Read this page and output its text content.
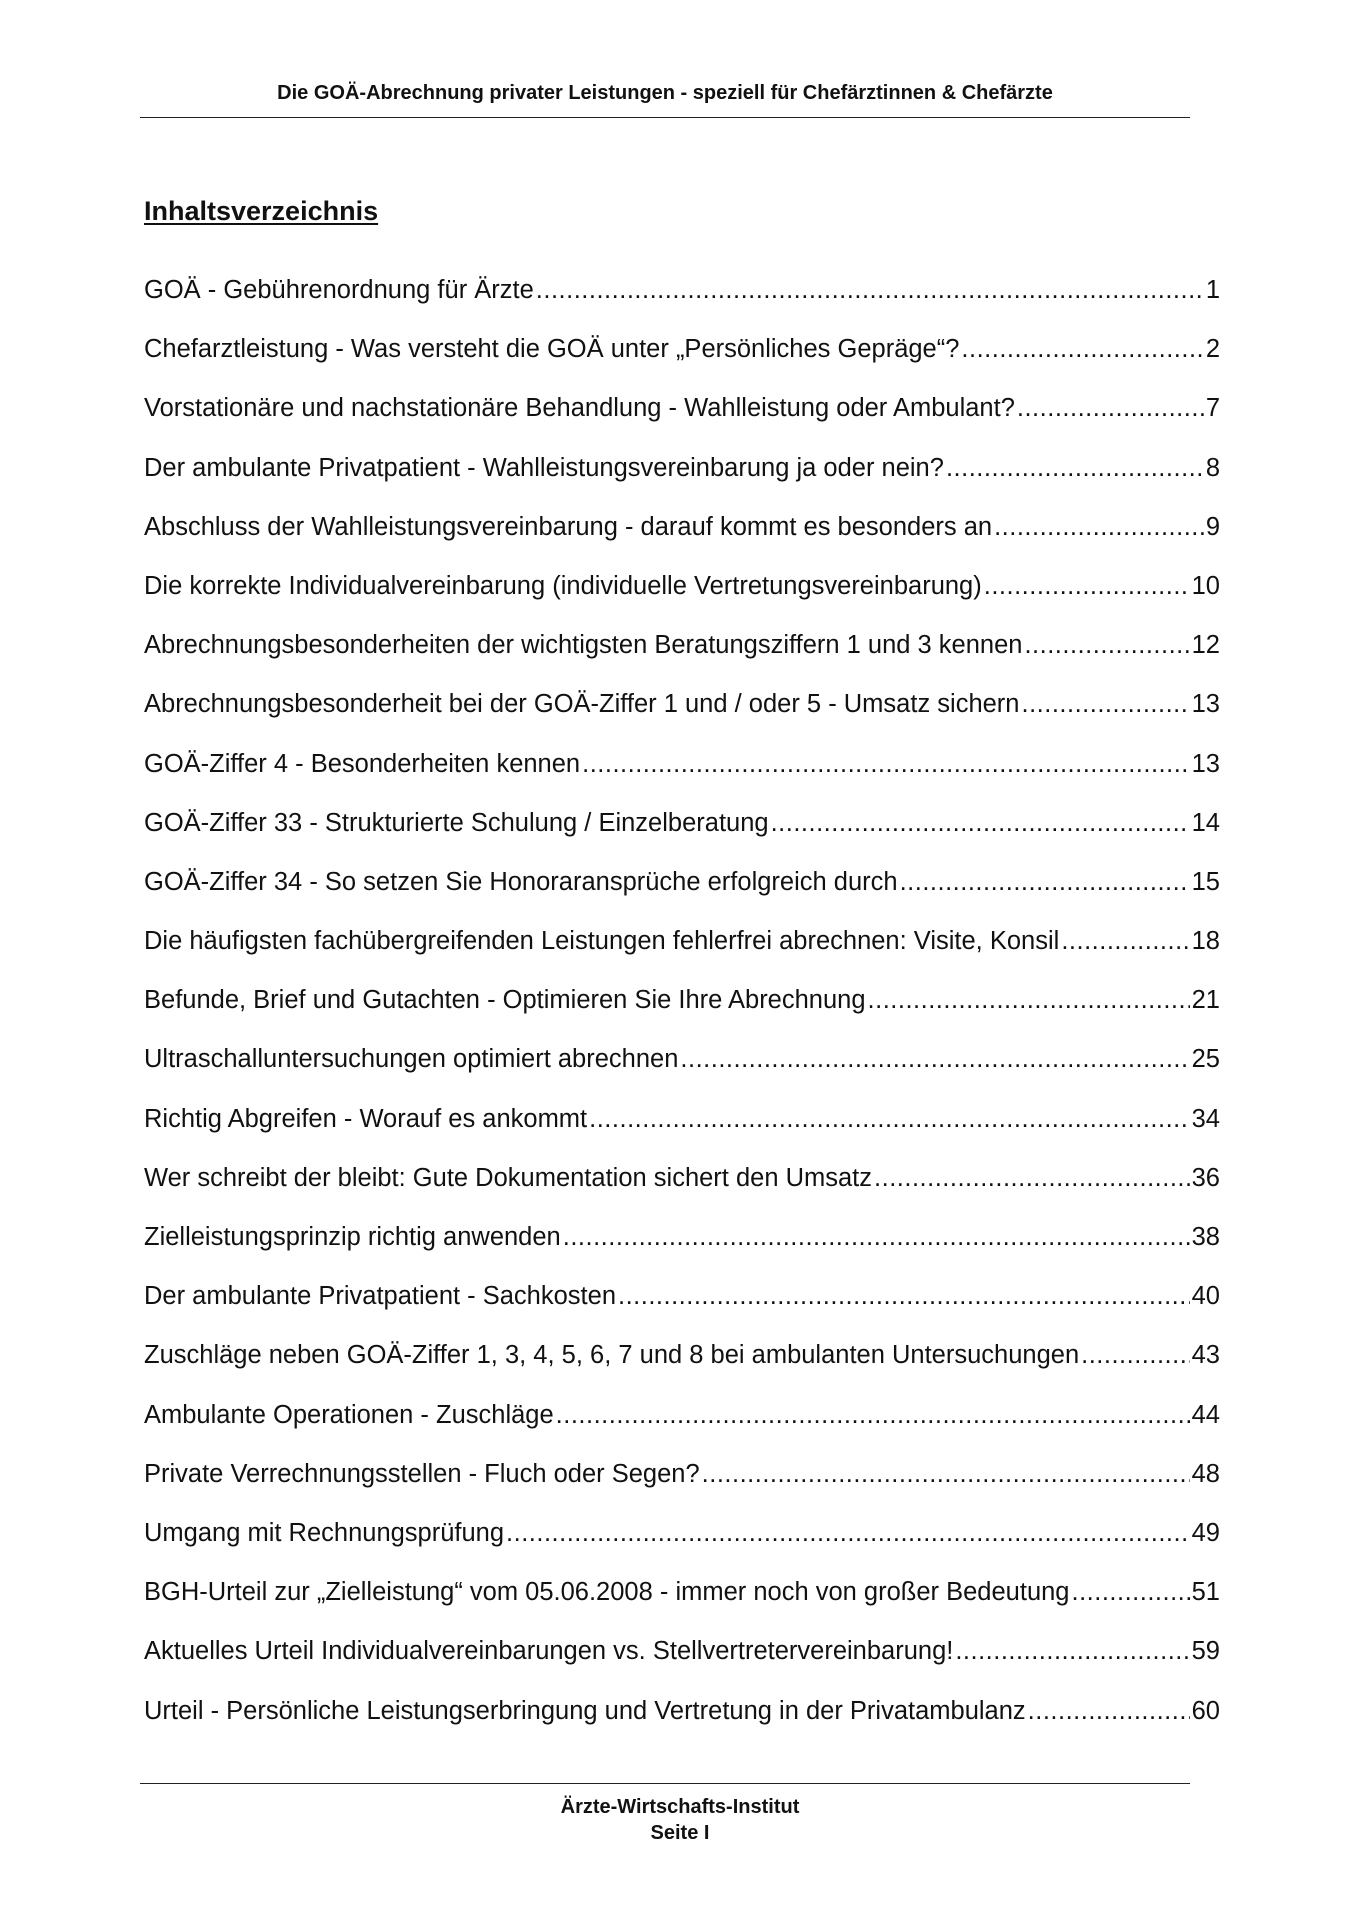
Die GOÄ-Abrechnung privater Leistungen - speziell für Chefärztinnen & Chefärzte
Inhaltsverzeichnis
GOÄ - Gebührenordnung für Ärzte .....	1
Chefarztleistung - Was versteht die GOÄ unter „Persönliches Gepräge“? .....	2
Vorstationäre und nachstationäre Behandlung - Wahlleistung oder Ambulant? .....	7
Der ambulante Privatpatient - Wahlleistungsvereinbarung ja oder nein? .....	8
Abschluss der Wahlleistungsvereinbarung - darauf kommt es besonders an .....	9
Die korrekte Individualvereinbarung (individuelle Vertretungsvereinbarung) .....	10
Abrechnungsbesonderheiten der wichtigsten Beratungsziffern 1 und 3 kennen .....	12
Abrechnungsbesonderheit bei der GOÄ-Ziffer 1 und / oder 5 - Umsatz sichern .....	13
GOÄ-Ziffer 4 - Besonderheiten kennen .....	13
GOÄ-Ziffer 33 - Strukturierte Schulung / Einzelberatung .....	14
GOÄ-Ziffer 34 - So setzen Sie Honoraransprüche erfolgreich durch .....	15
Die häufigsten fachübergreifenden Leistungen fehlerfrei abrechnen: Visite, Konsil .....	18
Befunde, Brief und Gutachten - Optimieren Sie Ihre Abrechnung .....	21
Ultraschalluntersuchungen optimiert abrechnen .....	25
Richtig Abgreifen - Worauf es ankommt .....	34
Wer schreibt der bleibt: Gute Dokumentation sichert den Umsatz .....	36
Zielleistungsprinzip richtig anwenden .....	38
Der ambulante Privatpatient - Sachkosten .....	40
Zuschläge neben GOÄ-Ziffer 1, 3, 4, 5, 6, 7 und 8 bei ambulanten Untersuchungen .....	43
Ambulante Operationen - Zuschläge .....	44
Private Verrechnungsstellen - Fluch oder Segen? .....	48
Umgang mit Rechnungsprüfung .....	49
BGH-Urteil zur „Zielleistung“ vom 05.06.2008 - immer noch von großer Bedeutung .....	51
Aktuelles Urteil Individualvereinbarungen vs. Stellvertretervereinbarung! .....	59
Urteil - Persönliche Leistungserbringung und Vertretung in der Privatambulanz .....	60
Ärzte-Wirtschafts-Institut
Seite I
